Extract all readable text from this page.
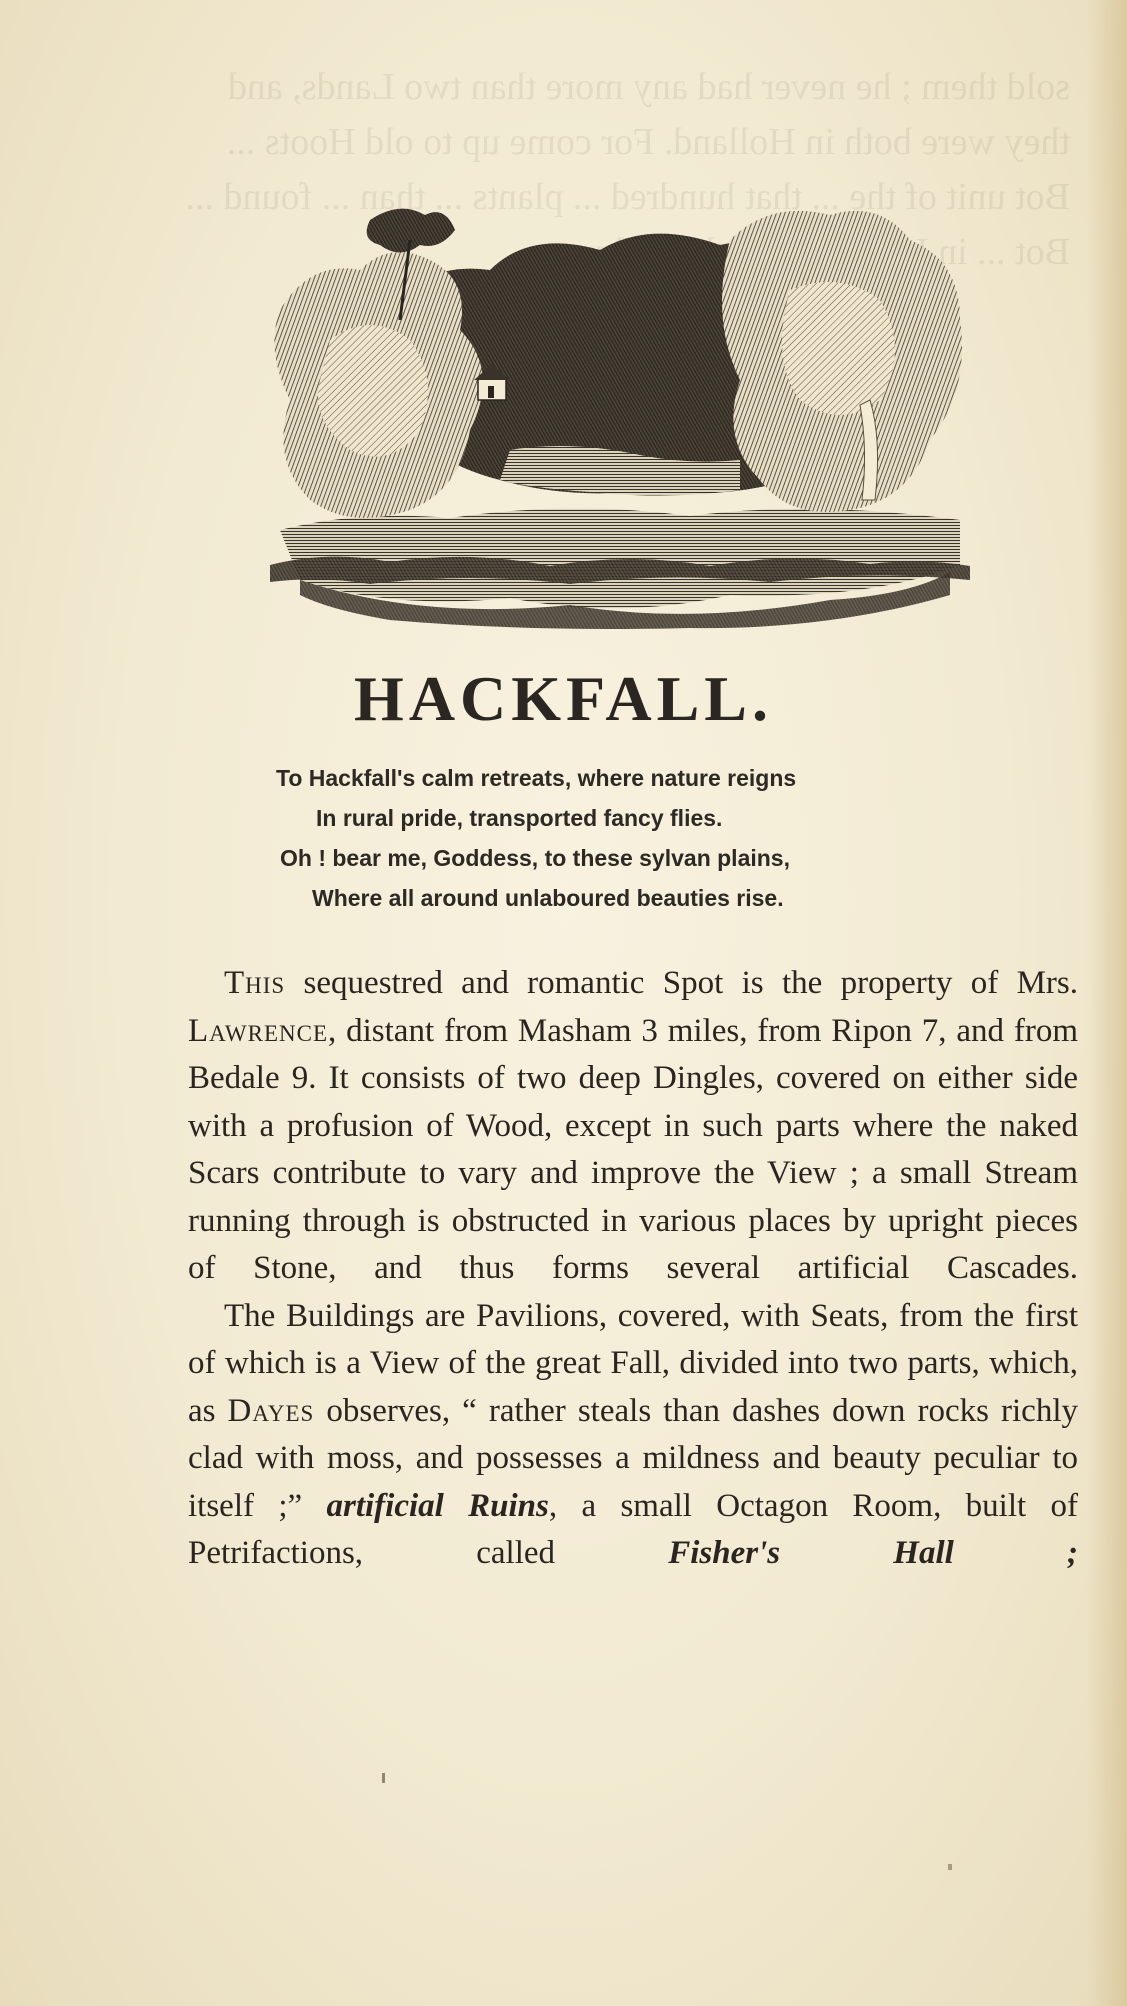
sold them ; he never had any more than two Lands, and they were both in Holland. For come up to old Hoots ... Bot unit of the ... that hundred ... plants ... than ... found ... Bot ... in
HACKFALL.
To Hackfall's calm retreats, where nature reigns
In rural pride, transported fancy flies.
Oh ! bear me, Goddess, to these sylvan plains,
Where all around unlaboured beauties rise.

This sequestred and romantic Spot is the property of Mrs. Lawrence, distant from Masham 3 miles, from Ripon 7, and from Bedale 9. It consists of two deep Dingles, covered on either side with a profusion of Wood, except in such parts where the naked Scars contribute to vary and improve the View ; a small Stream running through is obstructed in various places by upright pieces of Stone, and thus forms several artificial Cascades.

The Buildings are Pavilions, covered, with Seats, from the first of which is a View of the great Fall, divided into two parts, which, as Dayes observes, “ rather steals than dashes down rocks richly clad with moss, and possesses a mildness and beauty peculiar to itself ;” artificial Ruins, a small Octagon Room, built of Petrifactions, called Fisher's Hall ;
